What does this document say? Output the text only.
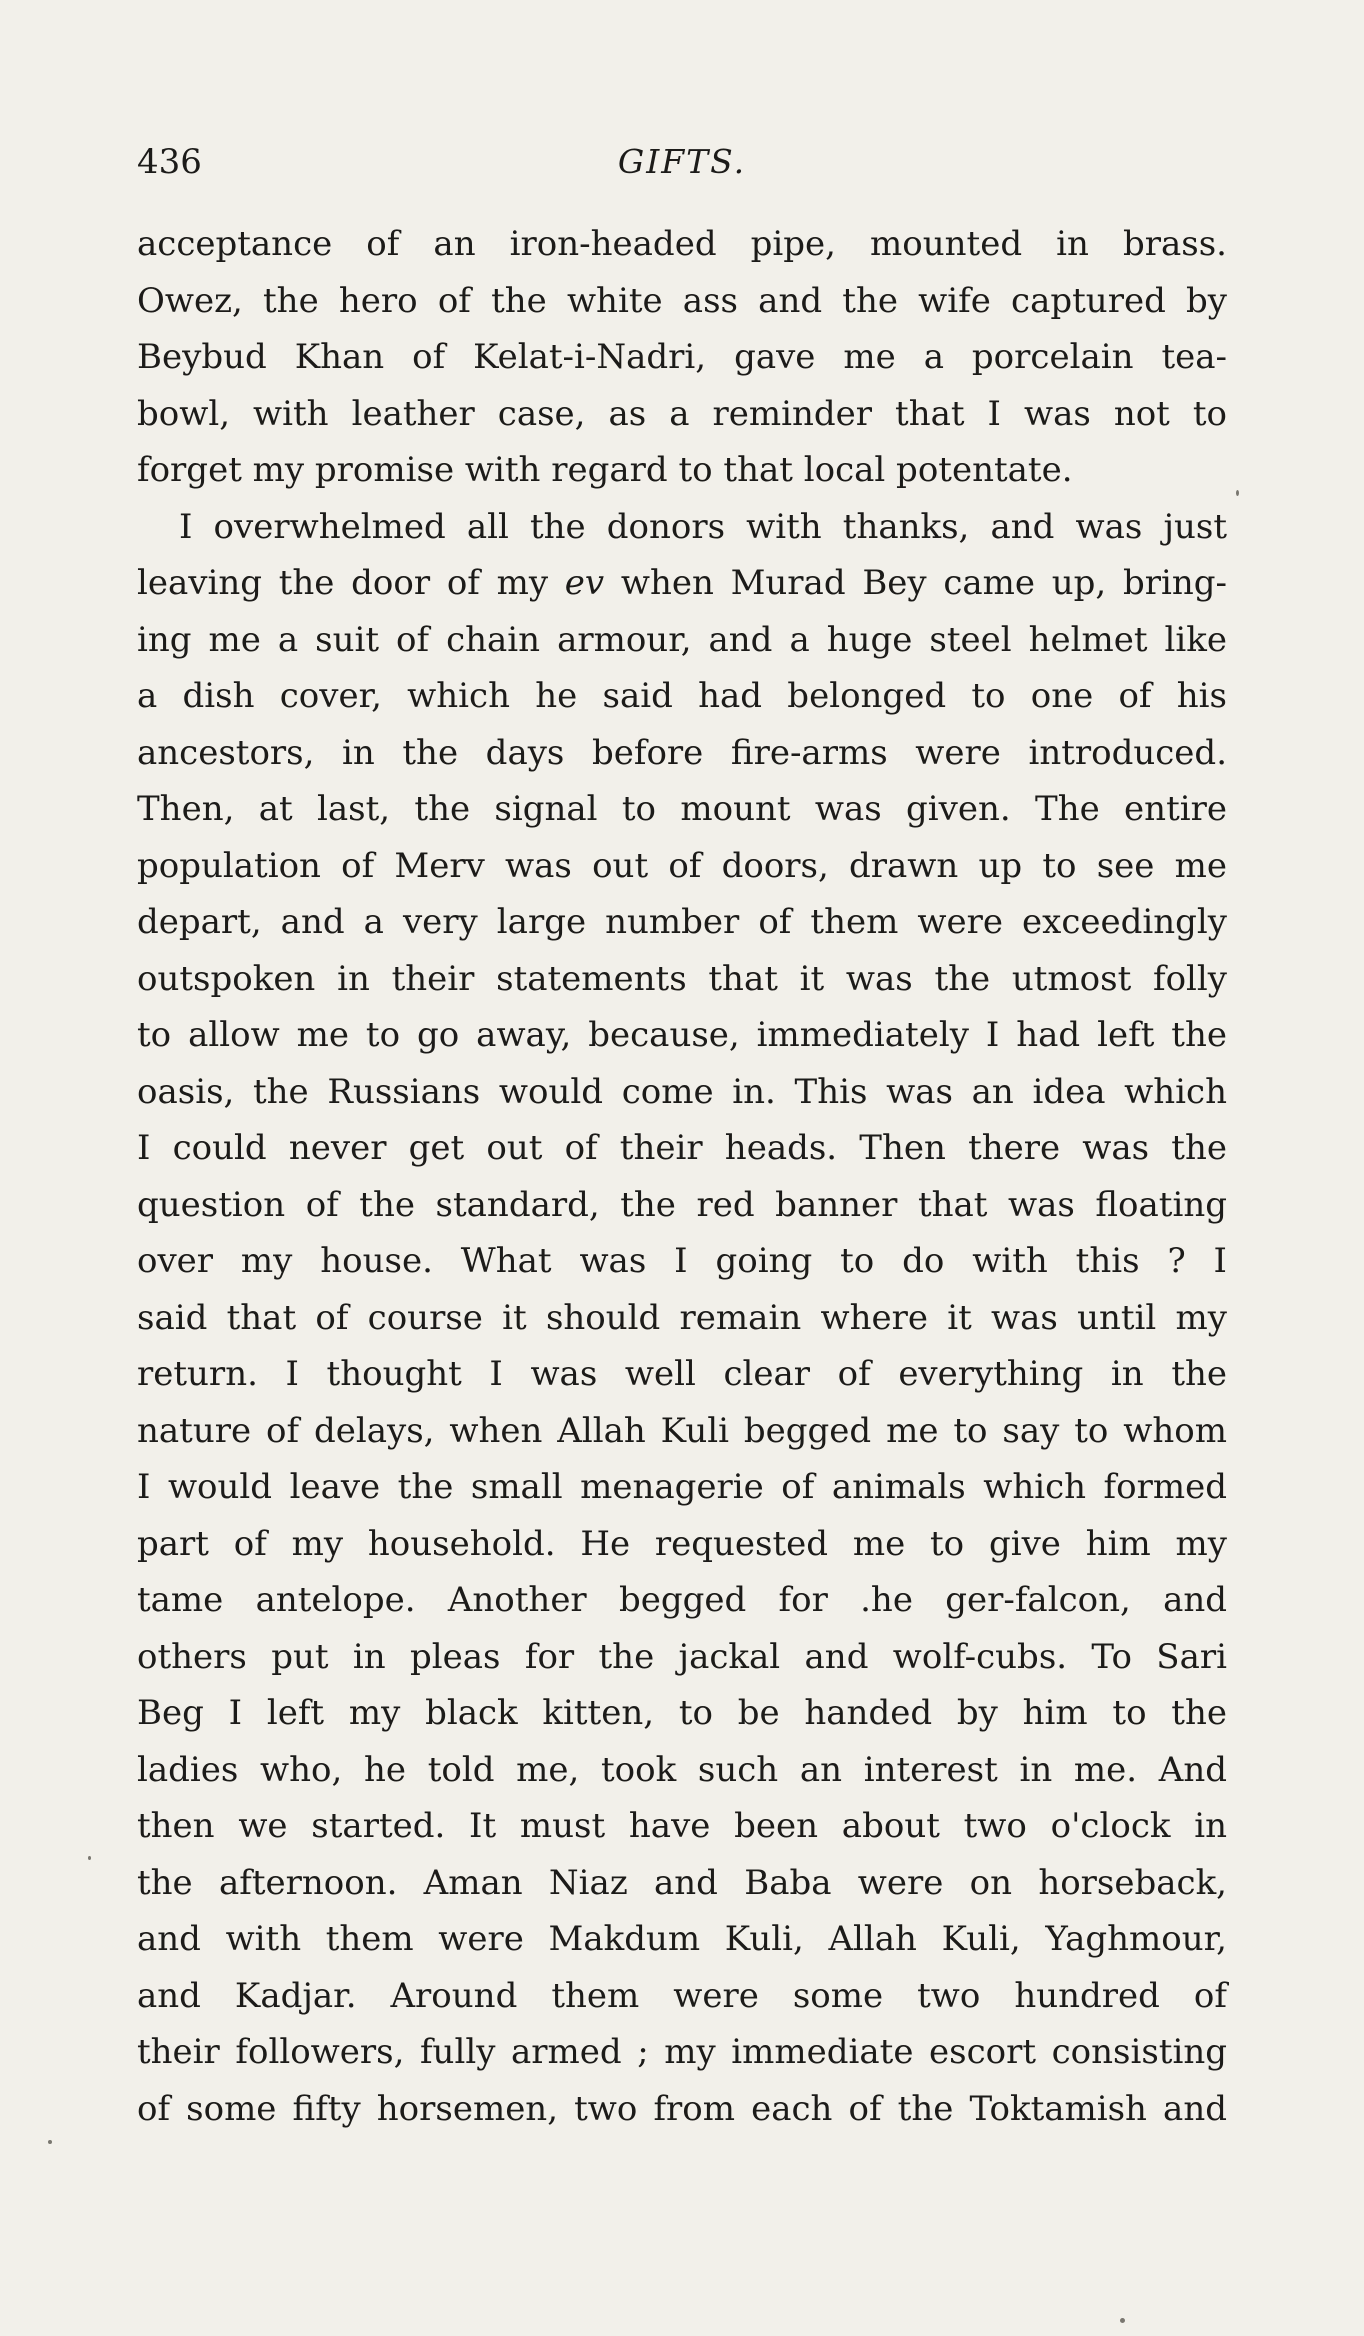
436	GIFTS.
acceptance of an iron-headed pipe, mounted in brass.
Owez, the hero of the white ass and the wife captured by
Beybud Khan of Kelat-i-Nadri, gave me a porcelain tea-
bowl, with leather case, as a reminder that I was not to
forget my promise with regard to that local potentate.
I overwhelmed all the donors with thanks, and was just
leaving the door of my ev when Murad Bey came up, bring-
ing me a suit of chain armour, and a huge steel helmet like
a dish cover, which he said had belonged to one of his
ancestors, in the days before fire-arms were introduced.
Then, at last, the signal to mount was given. The entire
population of Merv was out of doors, drawn up to see me
depart, and a very large number of them were exceedingly
outspoken in their statements that it was the utmost folly
to allow me to go away, because, immediately I had left the
oasis, the Russians would come in. This was an idea which
I could never get out of their heads. Then there was the
question of the standard, the red banner that was floating
over my house. What was I going to do with this ? I
said that of course it should remain where it was until my
return. I thought I was well clear of everything in the
nature of delays, when Allah Kuli begged me to say to whom
I would leave the small menagerie of animals which formed
part of my household. He requested me to give him my
tame antelope. Another begged for .he ger-falcon, and
others put in pleas for the jackal and wolf-cubs. To Sari
Beg I left my black kitten, to be handed by him to the
ladies who, he told me, took such an interest in me. And
then we started. It must have been about two o'clock in
the afternoon. Aman Niaz and Baba were on horseback,
and with them were Makdum Kuli, Allah Kuli, Yaghmour,
and Kadjar. Around them were some two hundred of
their followers, fully armed ; my immediate escort consisting
of some fifty horsemen, two from each of the Toktamish and
